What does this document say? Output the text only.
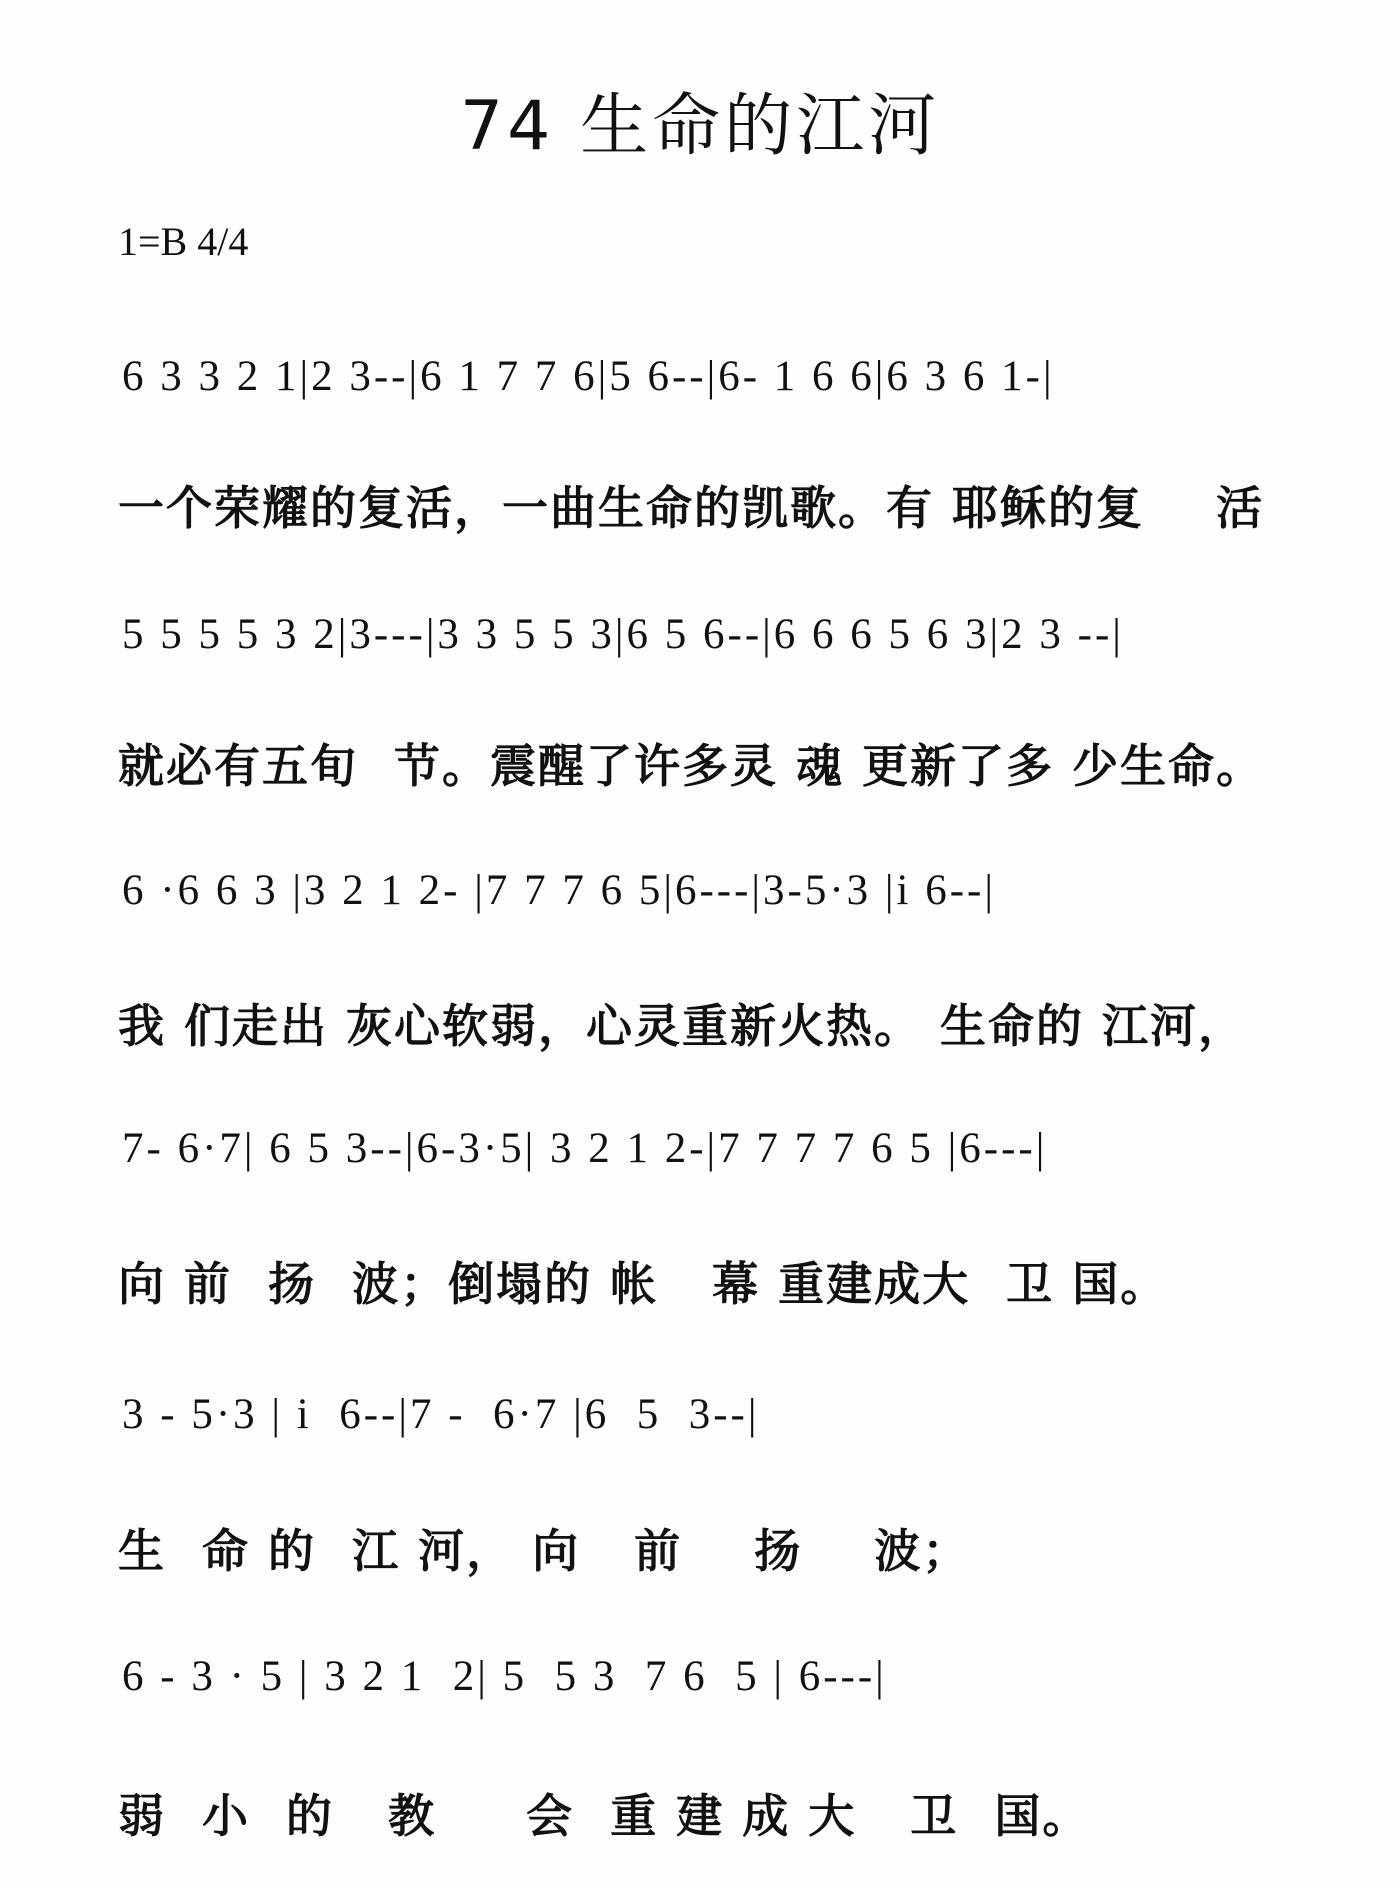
74 生命的江河
1=B 4/4

6 3 3 2 1|2 3--|6 1 7 7 6|5 6--|6- 1 6 6|6 3 6 1-|

一个荣耀的复活，一曲生命的凯歌。有 耶稣的复    活

5 5 5 5 3 2|3---|3 3 5 5 3|6 5 6--|6 6 6 5 6 3|2 3 --|

就必有五旬  节。震醒了许多灵 魂 更新了多 少生命。

6 ·6 6 3 |3 2 1 2- |7 7 7 6 5|6---|3-5·3 |i 6--|

我 们走出 灰心软弱，心灵重新火热。 生命的 江河，

7- 6·7| 6 5 3--|6-3·5| 3 2 1 2-|7 7 7 7 6 5 |6---|

向 前  扬  波；倒塌的 帐   幕 重建成大  卫 国。

3 - 5·3 | i  6--|7 -  6·7 |6  5  3--|

生  命 的  江 河， 向   前    扬    波；

6 - 3 · 5 | 3 2 1  2| 5  5 3  7 6  5 | 6---|

弱  小  的   教     会  重 建 成 大   卫  国。
